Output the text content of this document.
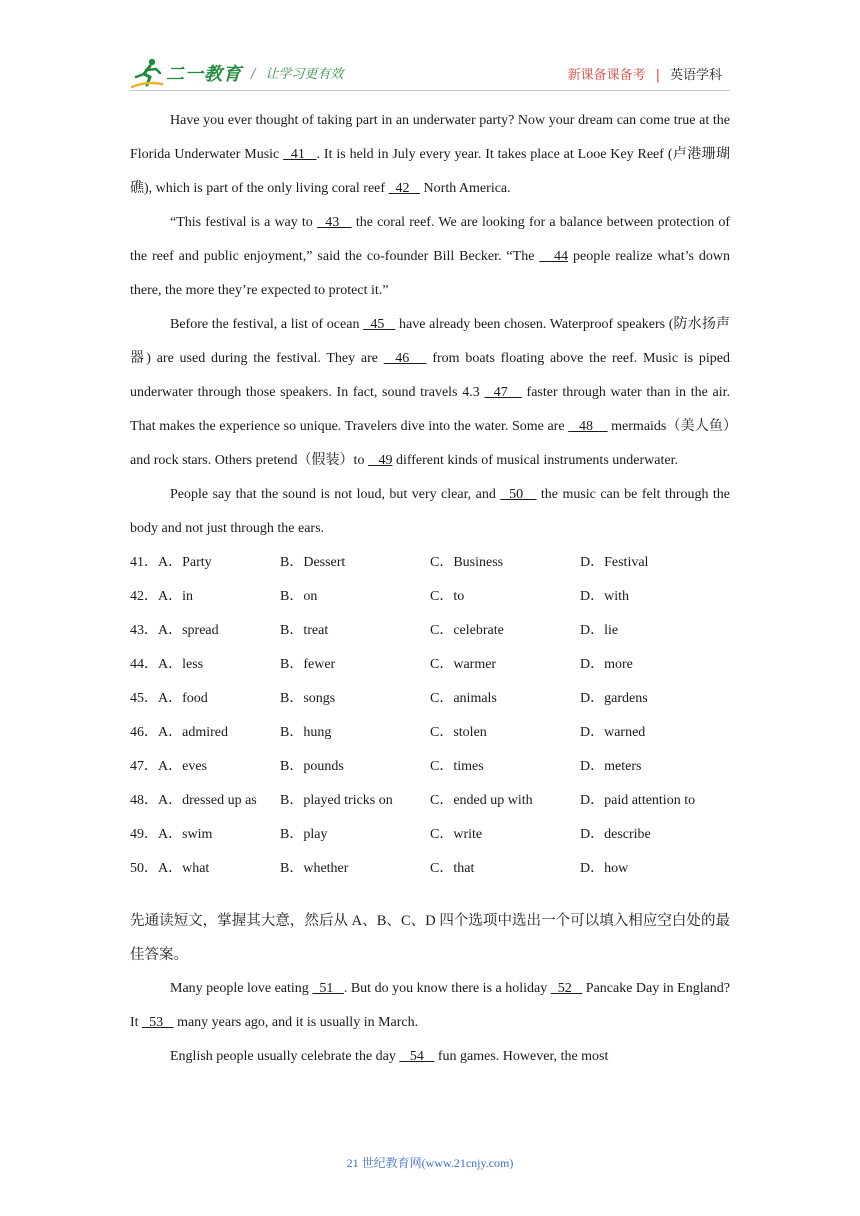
二一教育 / 让学习更有效	新课备课备考 | 英语学科

Have you ever thought of taking part in an underwater party? Now your dream can come true at the Florida Underwater Music   41   . It is held in July every year. It takes place at Looe Key Reef (卢港珊瑚礁), which is part of the only living coral reef   42    North America.

“This festival is a way to   43    the coral reef. We are looking for a balance between protection of the reef and public enjoyment,” said the co-founder Bill Becker. “The    44 people realize what’s down there, the more they’re expected to protect it.”

Before the festival, a list of ocean   45    have already been chosen. Waterproof speakers (防水扬声器) are used during the festival. They are   46    from boats floating above the reef. Music is piped underwater through those speakers. In fact, sound travels 4.3   47    faster through water than in the air. That makes the experience so unique. Travelers dive into the water. Some are    48     mermaids（美人鱼）and rock stars. Others pretend（假装）to    49 different kinds of musical instruments underwater.

People say that the sound is not loud, but very clear, and   50    the music can be felt through the body and not just through the ears.

41．A．Party	B．Dessert	C．Business	D．Festival
42．A．in	B．on	C．to	D．with
43．A．spread	B．treat	C．celebrate	D．lie
44．A．less	B．fewer	C．warmer	D．more
45．A．food	B．songs	C．animals	D．gardens
46．A．admired	B．hung	C．stolen	D．warned
47．A．eves	B．pounds	C．times	D．meters
48．A．dressed up as	B．played tricks on	C．ended up with	D．paid attention to
49．A．swim	B．play	C．write	D．describe
50．A．what	B．whether	C．that	D．how

先通读短文，掌握其大意，然后从 A、B、C、D 四个选项中选出一个可以填入相应空白处的最佳答案。

Many people love eating   51   . But do you know there is a holiday   52    Pancake Day in England? It   53    many years ago, and it is usually in March.

English people usually celebrate the day    54    fun games. However, the most

21 世纪教育网(www.21cnjy.com)
